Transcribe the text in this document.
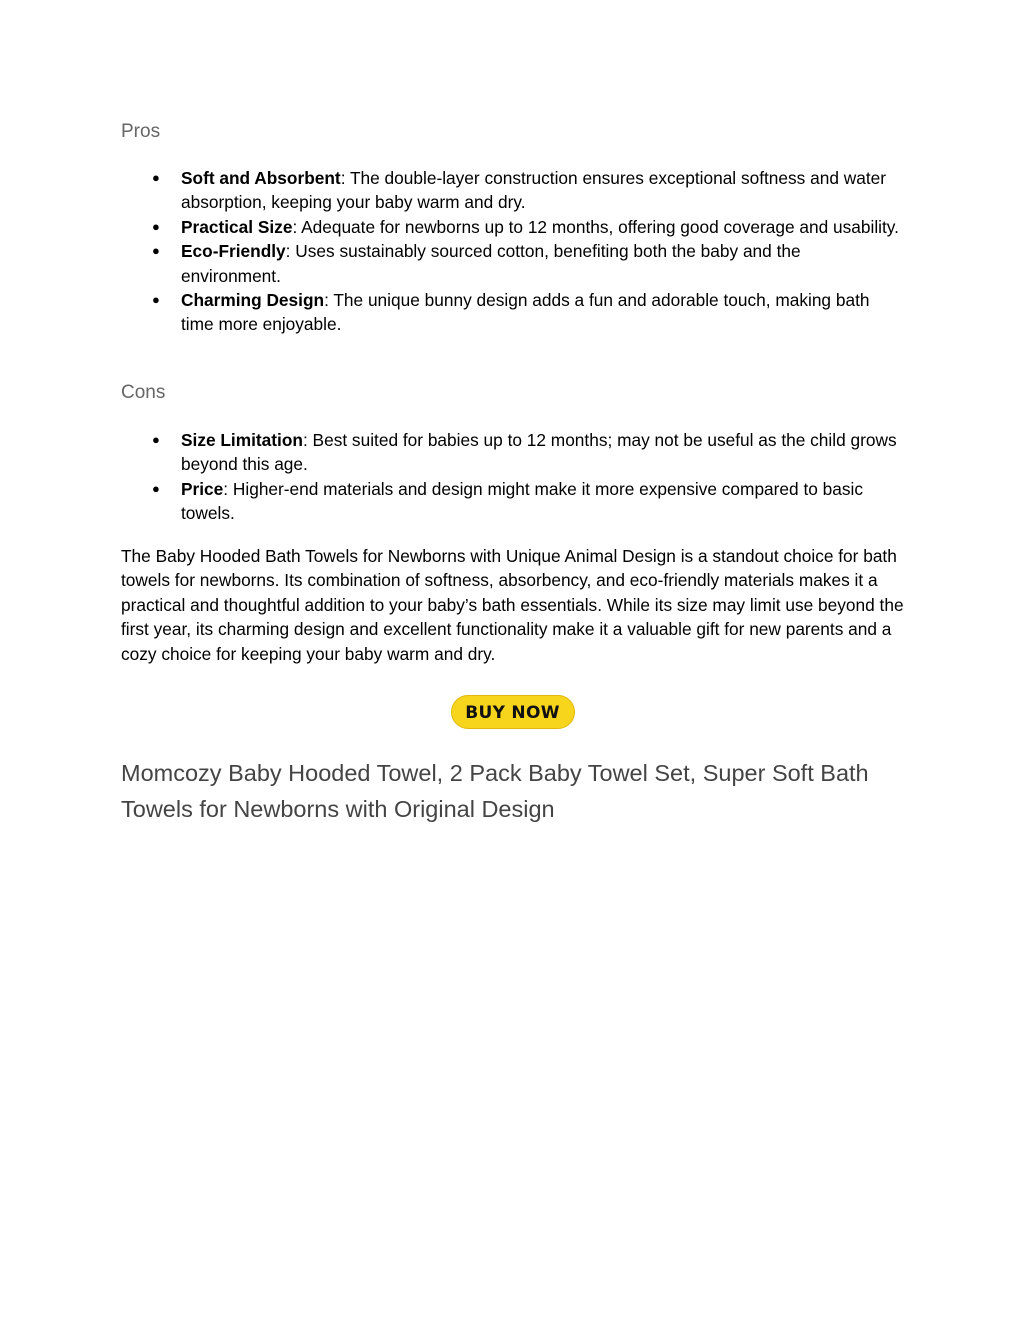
Pros
● Soft and Absorbent: The double-layer construction ensures exceptional softness and water absorption, keeping your baby warm and dry.
● Practical Size: Adequate for newborns up to 12 months, offering good coverage and usability.
● Eco-Friendly: Uses sustainably sourced cotton, benefiting both the baby and the environment.
● Charming Design: The unique bunny design adds a fun and adorable touch, making bath time more enjoyable.
Cons
● Size Limitation: Best suited for babies up to 12 months; may not be useful as the child grows beyond this age.
● Price: Higher-end materials and design might make it more expensive compared to basic towels.

The Baby Hooded Bath Towels for Newborns with Unique Animal Design is a standout choice for bath towels for newborns. Its combination of softness, absorbency, and eco-friendly materials makes it a practical and thoughtful addition to your baby’s bath essentials. While its size may limit use beyond the first year, its charming design and excellent functionality make it a valuable gift for new parents and a cozy choice for keeping your baby warm and dry.

BUY NOW
Momcozy Baby Hooded Towel, 2 Pack Baby Towel Set, Super Soft Bath Towels for Newborns with Original Design
